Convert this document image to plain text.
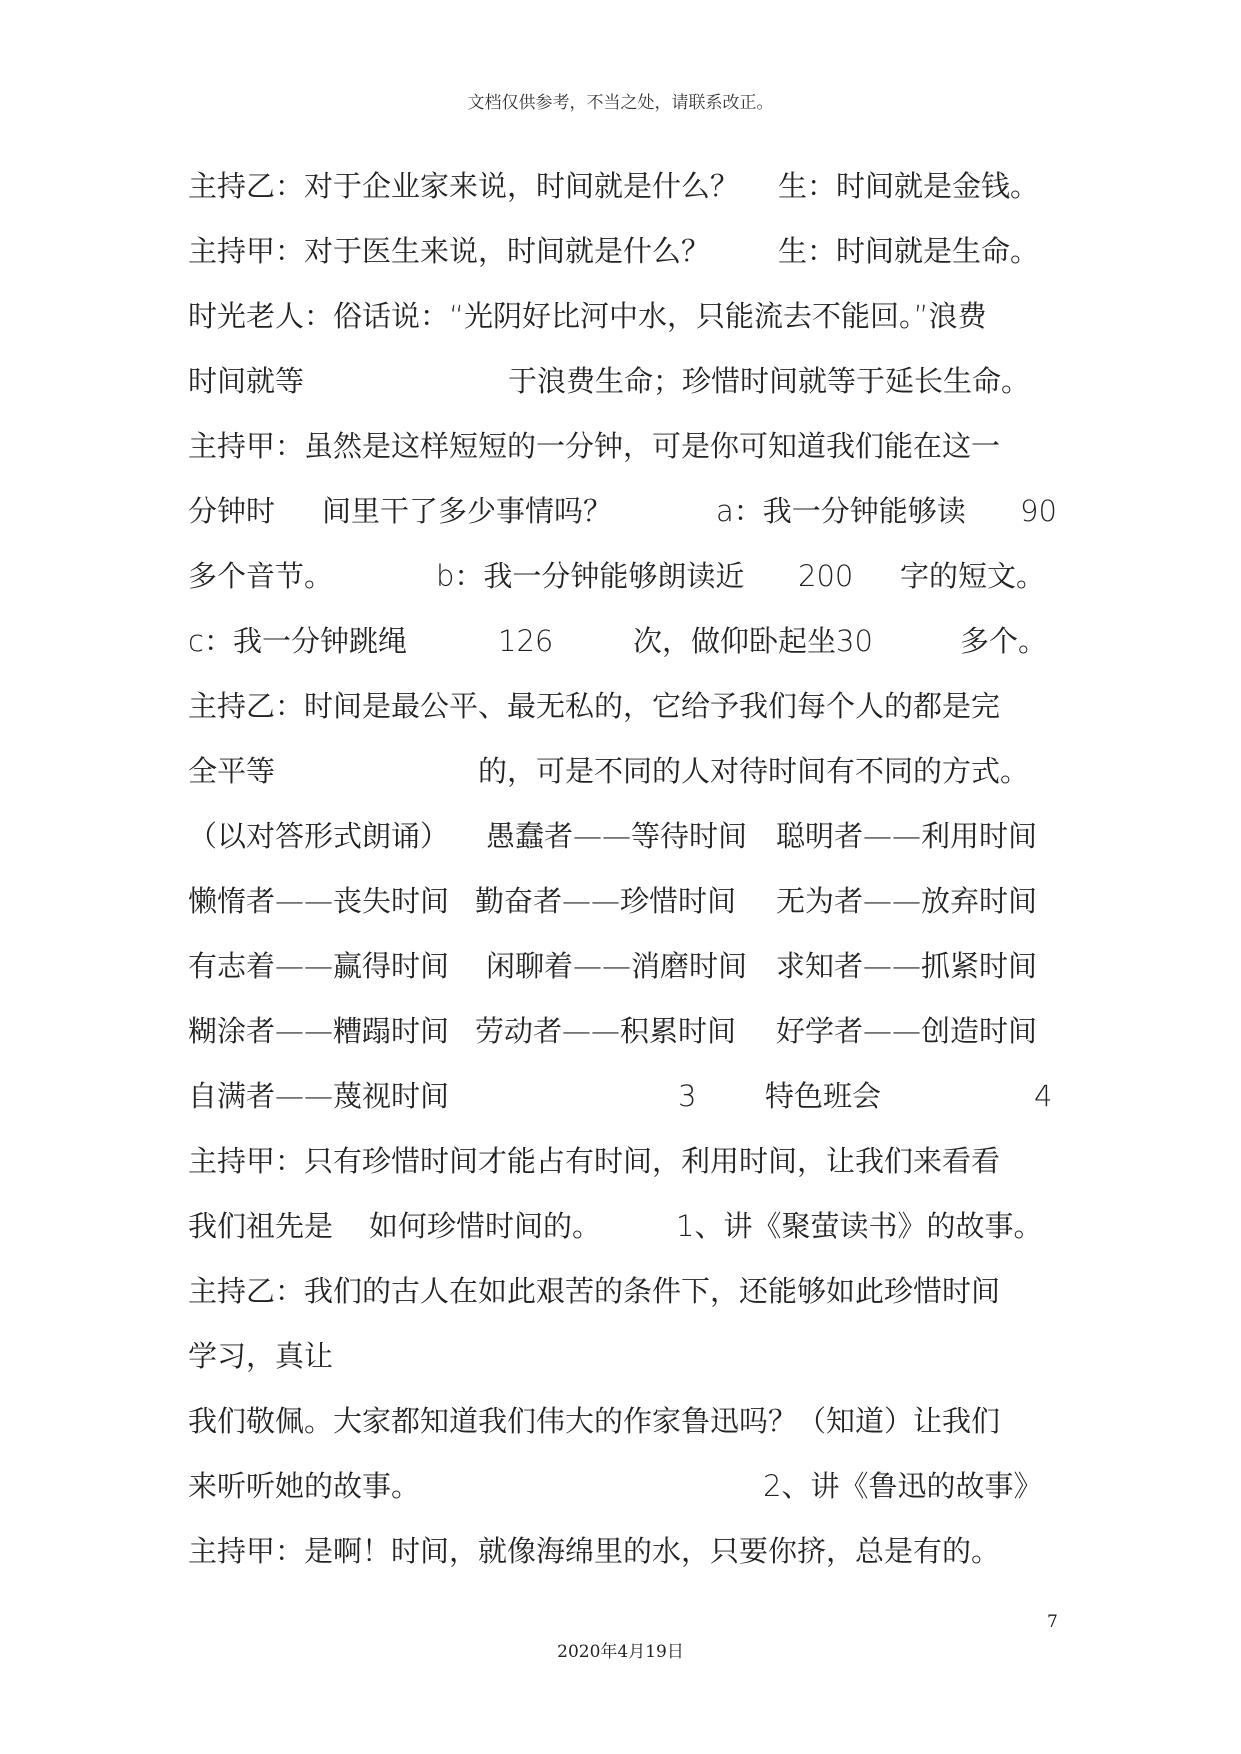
文档仅供参考，不当之处，请联系改正。
主持乙：对于企业家来说，时间就是什么？ 生：时间就是金钱。
主持甲：对于医生来说，时间就是什么？ 生：时间就是生命。
时光老人：俗话说：“光阴好比河中水，只能流去不能回。”浪费
时间就等	于浪费生命；珍惜时间就等于延长生命。
主持甲：虽然是这样短短的一分钟，可是你可知道我们能在这一
分钟时 间里干了多少事情吗？	a：我一分钟能够读 90
多个音节。	b：我一分钟能够朗读近 200 字的短文。
c：我一分钟跳绳	126	次，做仰卧起坐30	多个。
主持乙：时间是最公平、最无私的，它给予我们每个人的都是完
全平等	的，可是不同的人对待时间有不同的方式。
（以对答形式朗诵） 愚蠢者——等待时间 聪明者——利用时间
懒惰者——丧失时间 勤奋者——珍惜时间 无为者——放弃时间
有志着——赢得时间 闲聊着——消磨时间 求知者——抓紧时间
糊涂者——糟蹋时间 劳动者——积累时间 好学者——创造时间
自满者——蔑视时间	3 特色班会	4
主持甲：只有珍惜时间才能占有时间，利用时间，让我们来看看
我们祖先是 如何珍惜时间的。	1、讲《聚萤读书》的故事。
主持乙：我们的古人在如此艰苦的条件下，还能够如此珍惜时间
学习，真让
我们敬佩。大家都知道我们伟大的作家鲁迅吗？（知道）让我们
来听听她的故事。	2、讲《鲁迅的故事》
主持甲：是啊！时间，就像海绵里的水，只要你挤，总是有的。
7
2020年4月19日
